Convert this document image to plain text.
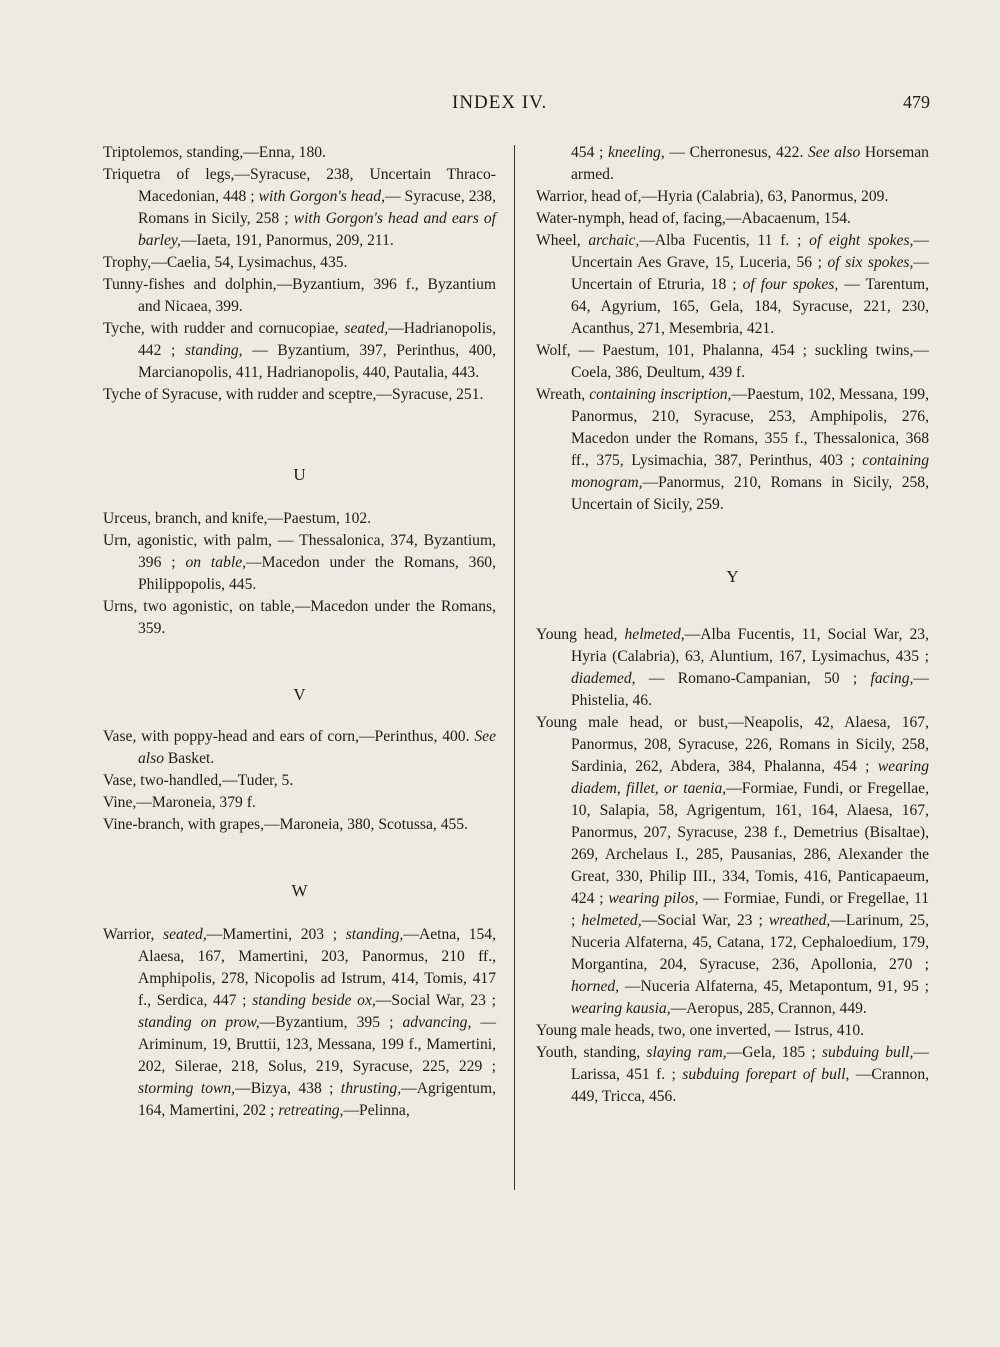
INDEX IV.	479

Triptolemos, standing,—Enna, 180.

Triquetra of legs,—Syracuse, 238, Uncertain Thraco-Macedonian, 448 ; with Gorgon's head,— Syracuse, 238, Romans in Sicily, 258 ; with Gorgon's head and ears of barley,—Iaeta, 191, Panormus, 209, 211.

Trophy,—Caelia, 54, Lysimachus, 435.

Tunny-fishes and dolphin,—Byzantium, 396 f., Byzantium and Nicaea, 399.

Tyche, with rudder and cornucopiae, seated,—Hadrianopolis, 442 ; standing, — Byzantium, 397, Perinthus, 400, Marcianopolis, 411, Hadrianopolis, 440, Pautalia, 443.

Tyche of Syracuse, with rudder and sceptre,—Syracuse, 251.

U

Urceus, branch, and knife,—Paestum, 102.

Urn, agonistic, with palm, — Thessalonica, 374, Byzantium, 396 ; on table,—Macedon under the Romans, 360, Philippopolis, 445.

Urns, two agonistic, on table,—Macedon under the Romans, 359.

V

Vase, with poppy-head and ears of corn,—Perinthus, 400. See also Basket.

Vase, two-handled,—Tuder, 5.

Vine,—Maroneia, 379 f.

Vine-branch, with grapes,—Maroneia, 380, Scotussa, 455.

W

Warrior, seated,—Mamertini, 203 ; standing,—Aetna, 154, Alaesa, 167, Mamertini, 203, Panormus, 210 ff., Amphipolis, 278, Nicopolis ad Istrum, 414, Tomis, 417 f., Serdica, 447 ; standing beside ox,—Social War, 23 ; standing on prow,—Byzantium, 395 ; advancing, — Ariminum, 19, Bruttii, 123, Messana, 199 f., Mamertini, 202, Silerae, 218, Solus, 219, Syracuse, 225, 229 ; storming town,—Bizya, 438 ; thrusting,—Agrigentum, 164, Mamertini, 202 ; retreating,—Pelinna,

454 ; kneeling, — Cherronesus, 422. See also Horseman armed.

Warrior, head of,—Hyria (Calabria), 63, Panormus, 209.

Water-nymph, head of, facing,—Abacaenum, 154.

Wheel, archaic,—Alba Fucentis, 11 f. ; of eight spokes,—Uncertain Aes Grave, 15, Luceria, 56 ; of six spokes,—Uncertain of Etruria, 18 ; of four spokes, — Tarentum, 64, Agyrium, 165, Gela, 184, Syracuse, 221, 230, Acanthus, 271, Mesembria, 421.

Wolf, — Paestum, 101, Phalanna, 454 ; suckling twins,—Coela, 386, Deultum, 439 f.

Wreath, containing inscription,—Paestum, 102, Messana, 199, Panormus, 210, Syracuse, 253, Amphipolis, 276, Macedon under the Romans, 355 f., Thessalonica, 368 ff., 375, Lysimachia, 387, Perinthus, 403 ; containing monogram,—Panormus, 210, Romans in Sicily, 258, Uncertain of Sicily, 259.

Y

Young head, helmeted,—Alba Fucentis, 11, Social War, 23, Hyria (Calabria), 63, Aluntium, 167, Lysimachus, 435 ; diademed, — Romano-Campanian, 50 ; facing,—Phistelia, 46.

Young male head, or bust,—Neapolis, 42, Alaesa, 167, Panormus, 208, Syracuse, 226, Romans in Sicily, 258, Sardinia, 262, Abdera, 384, Phalanna, 454 ; wearing diadem, fillet, or taenia,—Formiae, Fundi, or Fregellae, 10, Salapia, 58, Agrigentum, 161, 164, Alaesa, 167, Panormus, 207, Syracuse, 238 f., Demetrius (Bisaltae), 269, Archelaus I., 285, Pausanias, 286, Alexander the Great, 330, Philip III., 334, Tomis, 416, Panticapaeum, 424 ; wearing pilos, — Formiae, Fundi, or Fregellae, 11 ; helmeted,—Social War, 23 ; wreathed,—Larinum, 25, Nuceria Alfaterna, 45, Catana, 172, Cephaloedium, 179, Morgantina, 204, Syracuse, 236, Apollonia, 270 ; horned, —Nuceria Alfaterna, 45, Metapontum, 91, 95 ; wearing kausia,—Aeropus, 285, Crannon, 449.

Young male heads, two, one inverted, — Istrus, 410.

Youth, standing, slaying ram,—Gela, 185 ; subduing bull,—Larissa, 451 f. ; subduing forepart of bull, —Crannon, 449, Tricca, 456.
